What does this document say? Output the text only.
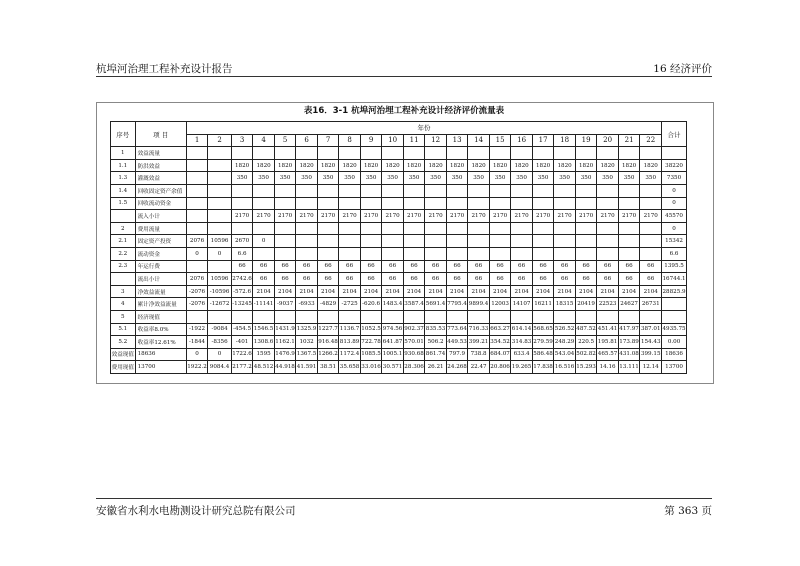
杭埠河治理工程补充设计报告	16 经济评价
表16．3-1 杭埠河治埋工程补充设计经济评价流量表
序号	项 目	年份																						合计
		1	2	3	4	5	6	7	8	9	10	11	12	13	14	15	16	17	18	19	20	21	22	
1	效益流量																							
1.1	防洪效益			1820	1820	1820	1820	1820	1820	1820	1820	1820	1820	1820	1820	1820	1820	1820	1820	1820	1820	1820	1820	38220
1.3	灌溉效益			350	350	350	350	350	350	350	350	350	350	350	350	350	350	350	350	350	350	350	350	7350
1.4	回收固定资产余值																							0
1.5	回收流动资金																							0
	流入小计			2170	2170	2170	2170	2170	2170	2170	2170	2170	2170	2170	2170	2170	2170	2170	2170	2170	2170	2170	2170	45570
2	费用流量																							0
2.1	固定资产投资	2076	10596	2670	0																			15342
2.2	流动资金	0	0	6.6																				6.6
2.3	年运行费			66	66	66	66	66	66	66	66	66	66	66	66	66	66	66	66	66	66	66	66	1395.5
	流出小计	2076	10596	2742.6	66	66	66	66	66	66	66	66	66	66	66	66	66	66	66	66	66	66	66	16744.1
3	净效益流量	-2076	-10596	-572.6	2104	2104	2104	2104	2104	2104	2104	2104	2104	2104	2104	2104	2104	2104	2104	2104	2104	2104	2104	28825.9
4	累计净效益流量	-2076	-12672	-13245	-11141	-9037	-6933	-4829	-2725	-620.6	1483.4	3587.4	5691.4	7795.4	9899.4	12003	14107	16211	18315	20419	22523	24627	26731	
5	经济现值																							
5.1	收益率8.0%	-1922	-9084	-454.5	1546.5	1431.9	1325.9	1227.7	1136.7	1052.5	974.56	902.37	835.53	773.64	716.33	663.27	614.14	568.65	526.52	487.52	451.41	417.97	387.01	4935.75
5.2	收益率12.61%	-1844	-8356	-401	1308.6	1162.1	1032	916.48	813.89	722.78	641.87	570.01	506.2	449.53	399.21	354.52	314.83	279.59	248.29	220.5	195.81	173.89	154.43	0.00
效益现值	18636	0	0	1722.6	1595	1476.9	1367.5	1266.2	1172.4	1085.5	1005.1	930.68	861.74	797.9	738.8	684.07	633.4	586.48	543.04	502.82	465.57	431.08	399.15	18636
费用现值	13700	1922.2	9084.4	2177.2	48.512	44.918	41.591	38.51	35.658	33.016	30.571	28.306	26.21	24.268	22.47	20.806	19.265	17.838	16.516	15.293	14.16	13.111	12.14	13700
安徽省水利水电勘测设计研究总院有限公司	第 363 页
